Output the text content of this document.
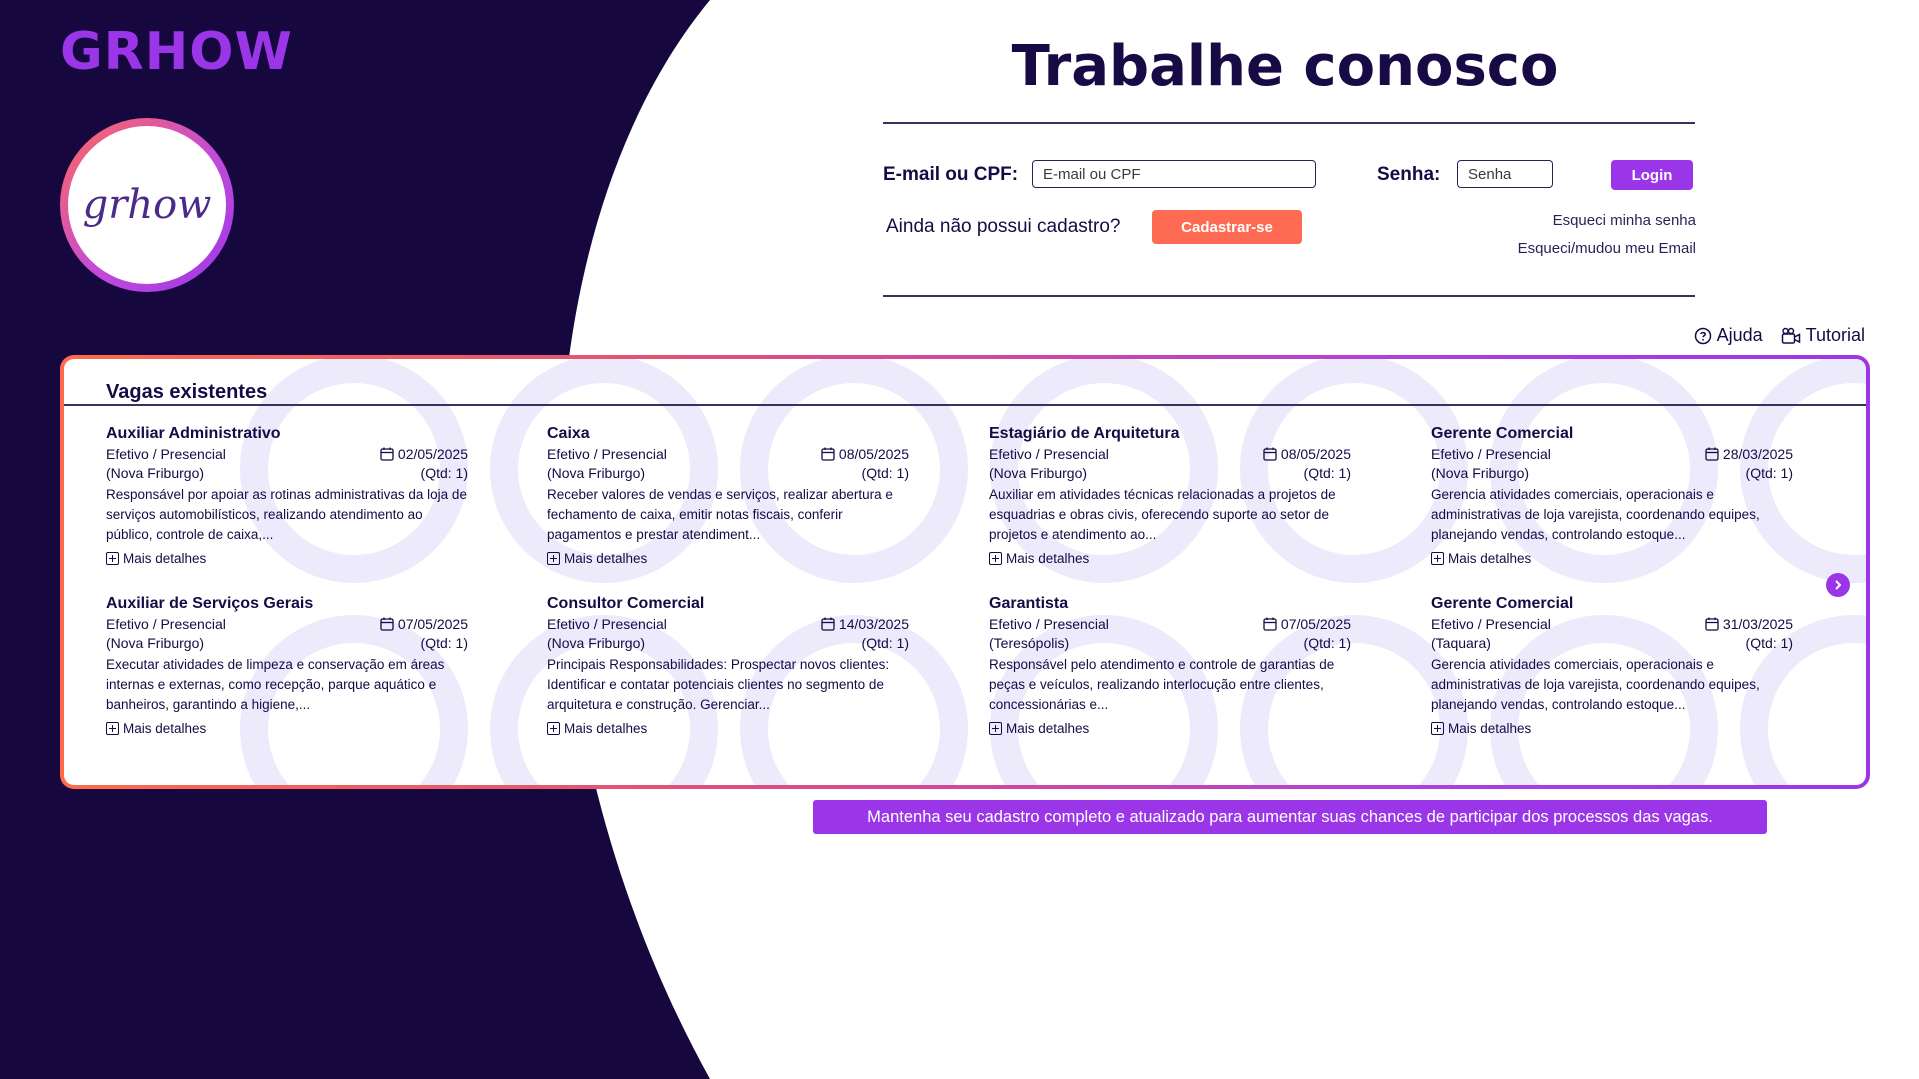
GRHOW
grhow
Trabalhe conosco
E-mail ou CPF:
E-mail ou CPF	Senha:	Login
Ainda não possui cadastro?	Cadastrar-se	Esqueci minha senha
Esqueci/mudou meu Email
Ajuda Tutorial
Vagas existentes
Auxiliar Administrativo
Efetivo / Presencial	02/05/2025
(Nova Friburgo)	(Qtd: 1)
Responsável por apoiar as rotinas administrativas da loja de serviços automobilísticos, realizando atendimento ao público, controle de caixa,...
Mais detalhes
Caixa
Efetivo / Presencial	08/05/2025
(Nova Friburgo)	(Qtd: 1)
Receber valores de vendas e serviços, realizar abertura e fechamento de caixa, emitir notas fiscais, conferir pagamentos e prestar atendiment...
Mais detalhes
Estagiário de Arquitetura
Efetivo / Presencial	08/05/2025
(Nova Friburgo)	(Qtd: 1)
Auxiliar em atividades técnicas relacionadas a projetos de esquadrias e obras civis, oferecendo suporte ao setor de projetos e atendimento ao...
Mais detalhes
Gerente Comercial
Efetivo / Presencial	28/03/2025
(Nova Friburgo)	(Qtd: 1)
Gerencia atividades comerciais, operacionais e administrativas de loja varejista, coordenando equipes, planejando vendas, controlando estoque...
Mais detalhes
Auxiliar de Serviços Gerais
Efetivo / Presencial	07/05/2025
(Nova Friburgo)	(Qtd: 1)
Executar atividades de limpeza e conservação em áreas internas e externas, como recepção, parque aquático e banheiros, garantindo a higiene,...
Mais detalhes
Consultor Comercial
Efetivo / Presencial	14/03/2025
(Nova Friburgo)	(Qtd: 1)
Principais Responsabilidades: Prospectar novos clientes: Identificar e contatar potenciais clientes no segmento de arquitetura e construção. Gerenciar...
Mais detalhes
Garantista
Efetivo / Presencial	07/05/2025
(Teresópolis)	(Qtd: 1)
Responsável pelo atendimento e controle de garantias de peças e veículos, realizando interlocução entre clientes, concessionárias e...
Mais detalhes
Gerente Comercial
Efetivo / Presencial	31/03/2025
(Taquara)	(Qtd: 1)
Gerencia atividades comerciais, operacionais e administrativas de loja varejista, coordenando equipes, planejando vendas, controlando estoque...
Mais detalhes
Mantenha seu cadastro completo e atualizado para aumentar suas chances de participar dos processos das vagas.
